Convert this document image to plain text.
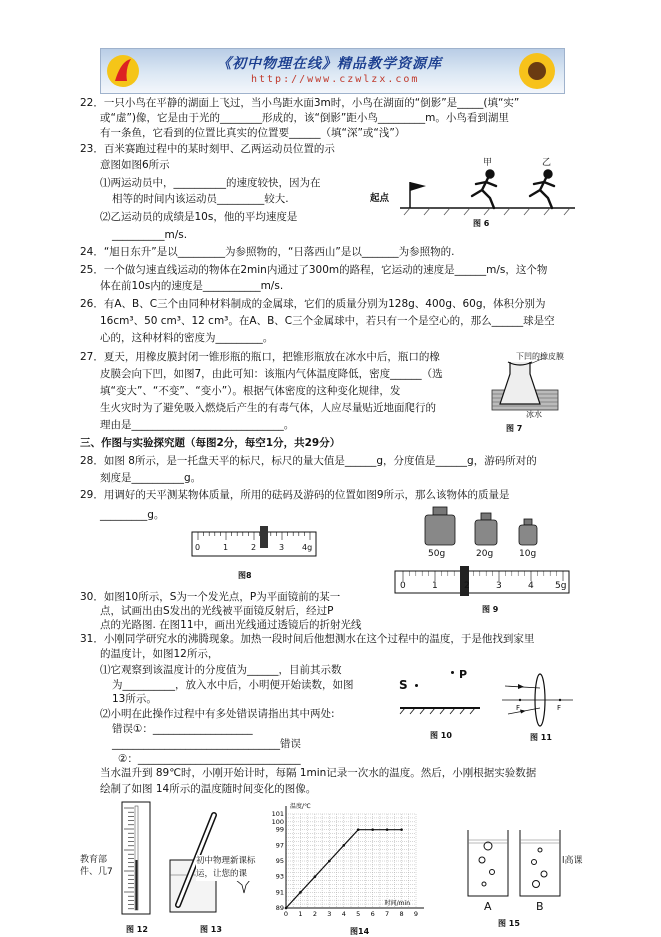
《初中物理在线》精品教学资源库
http://www.czwlzx.com
22．一只小鸟在平静的湖面上飞过，当小鸟距水面3m时，小鸟在湖面的“倒影”是_____(填“实”
或“虚”)像，它是由于光的________形成的，该“倒影”距小鸟_________m。小鸟看到湖里
有一条鱼，它看到的位置比真实的位置要______（填“深”或“浅”）
23．百米赛跑过程中的某时刻甲、乙两运动员位置的示
意图如图6所示
⑴两运动员中，__________的速度较快，因为在
相等的时间内该运动员_________较大.
⑵乙运动员的成绩是10s，他的平均速度是
__________m/s.
起点
甲	乙
图 6
24．“旭日东升”是以_________为参照物的，“日落西山”是以_______为参照物的.
25．一个做匀速直线运动的物体在2min内通过了300m的路程，它运动的速度是______m/s，这个物
体在前10s内的速度是___________m/s.
26．有A、B、C三个由同种材料制成的金属球，它们的质量分别为128g、400g、60g，体积分别为
16cm³、50 cm³、12 cm³。在A、B、C三个金属球中，若只有一个是空心的，那么______球是空
心的，这种材料的密度为_________。
27．夏天，用橡皮膜封闭一锥形瓶的瓶口，把锥形瓶放在冰水中后，瓶口的橡
皮膜会向下凹，如图7，由此可知：该瓶内气体温度降低，密度______（选
填“变大”、“不变”、“变小”）。根据气体密度的这种变化规律，发
生火灾时为了避免吸入燃烧后产生的有毒气体，人应尽量贴近地面爬行的
理由是_____________________________。
下凹的橡皮膜
冰水
图 7
三、作图与实验探究题（每图2分，每空1分，共29分）
28．如图 8所示，是一托盘天平的标尺，标尺的量大值是______g，分度值是______g，游码所对的
刻度是__________g。
29．用调好的天平测某物体质量，所用的砝码及游码的位置如图9所示，那么该物体的质量是
_________g。
0	1	2	3 4g
图8
50g	20g	10g
0	1	2	3	4 5g
图 9
30．如图10所示，S为一个发光点，P为平面镜前的某一
点，试画出由S发出的光线被平面镜反射后，经过P
点的光路图. 在图11中，画出光线通过透镜后的折射光线
31．小刚同学研究水的沸腾现象。加热一段时间后他想测水在这个过程中的温度，于是他找到家里
的温度计，如图12所示，
⑴它观察到该温度计的分度值为______，目前其示数
为__________，放入水中后，小明便开始读数，如图
13所示。
⑵小明在此操作过程中有多处错误请指出其中两处:
错误①：___________________
________________________________错误
②：_______________________________
当水温升到 89℃时，小刚开始计时，每隔 1min记录一次水的温度。然后，小刚根据实验数据
绘制了如图 14所示的温度随时间变化的图像。
S
P
图 10
F	F
图 11
教育部 件、几7
图 12
初中物理新课标 运，让您的课
图 13
89
91
93
95
97
99
100
101
0 1 2 3 4 5 6 7 8 9
温度/℃
时间/min
图14
A	B
l高课
图 15
